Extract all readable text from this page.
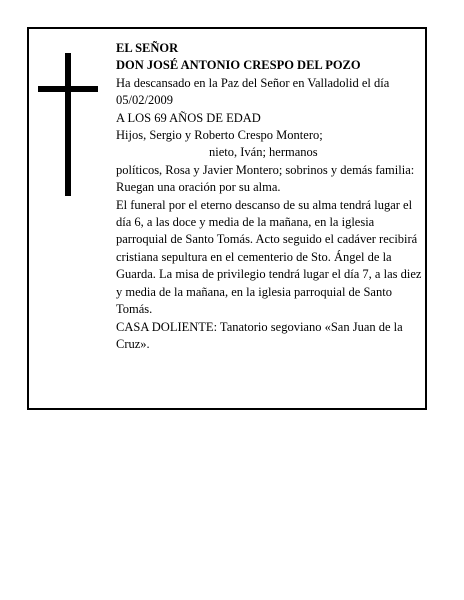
EL SEÑOR

DON JOSÉ ANTONIO CRESPO DEL POZO

Ha descansado en la Paz del Señor en Valladolid el día 05/02/2009

A LOS 69 AÑOS DE EDAD

Hijos, Sergio y Roberto Crespo Montero;

nieto, Iván; hermanos
políticos, Rosa y Javier Montero; sobrinos y demás familia:

Ruegan una oración por su alma.

El funeral por el eterno descanso de su alma tendrá lugar el día 6, a las doce y media de la mañana, en la iglesia parroquial de Santo Tomás. Acto seguido el cadáver recibirá cristiana sepultura en el cementerio de Sto. Ángel de la Guarda. La misa de privilegio tendrá lugar el día 7, a las diez y media de la mañana, en la iglesia parroquial de Santo Tomás.

CASA DOLIENTE: Tanatorio segoviano «San Juan de la Cruz».
